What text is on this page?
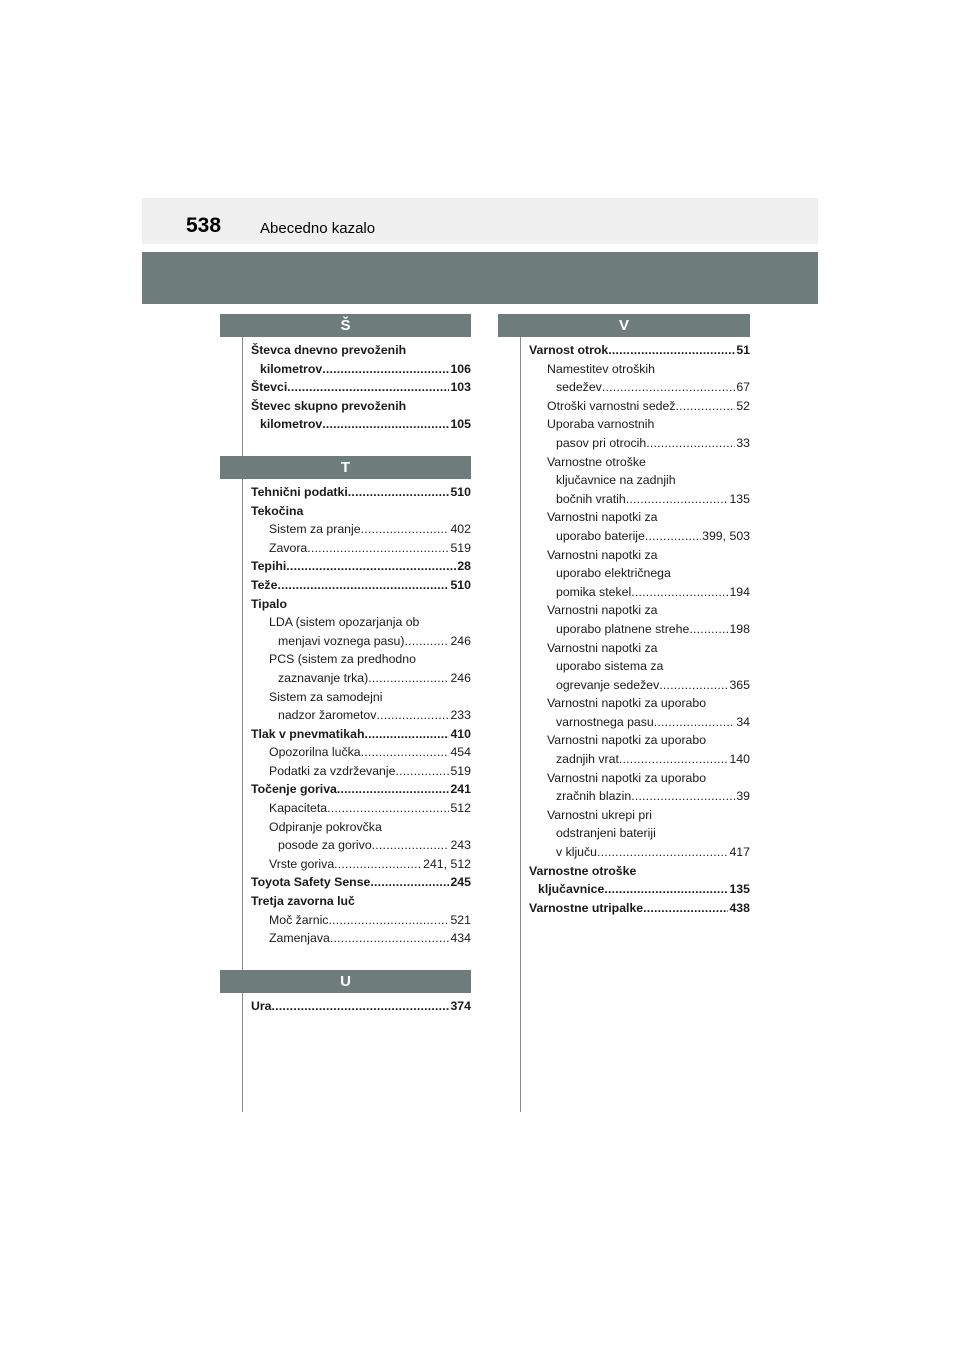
538	Abecedno kazalo
Š
Števca dnevno prevoženih
kilometrov . . .	106
Števci . . .	103
Števec skupno prevoženih
kilometrov . . .	105
T
Tehnični podatki . . .	510
Tekočina
Sistem za pranje . . .	402
Zavora . . .	519
Tepihi . . .	28
Teže . . .	510
Tipalo
LDA (sistem opozarjanja ob
menjavi voznega pasu) . . .	246
PCS (sistem za predhodno
zaznavanje trka) . . .	246
Sistem za samodejni
nadzor žarometov . . .	233
Tlak v pnevmatikah . . .	410
Opozorilna lučka . . .	454
Podatki za vzdrževanje . . .	519
Točenje goriva . . .	241
Kapaciteta . . .	512
Odpiranje pokrovčka
posode za gorivo . . .	243
Vrste goriva . . .	241, 512
Toyota Safety Sense . . .	245
Tretja zavorna luč
Moč žarnic . . .	521
Zamenjava . . .	434
U
Ura . . .	374
V
Varnost otrok . . .	51
Namestitev otroških
sedežev . . .	67
Otroški varnostni sedež . . .	52
Uporaba varnostnih
pasov pri otrocih . . .	33
Varnostne otroške
ključavnice na zadnjih
bočnih vratih . . .	135
Varnostni napotki za
uporabo baterije . . .	399, 503
Varnostni napotki za
uporabo električnega
pomika stekel . . .	194
Varnostni napotki za
uporabo platnene strehe . . .	198
Varnostni napotki za
uporabo sistema za
ogrevanje sedežev . . .	365
Varnostni napotki za uporabo
varnostnega pasu . . .	34
Varnostni napotki za uporabo
zadnjih vrat . . .	140
Varnostni napotki za uporabo
zračnih blazin . . .	39
Varnostni ukrepi pri
odstranjeni bateriji
v ključu . . .	417
Varnostne otroške
ključavnice . . .	135
Varnostne utripalke . . .	438
